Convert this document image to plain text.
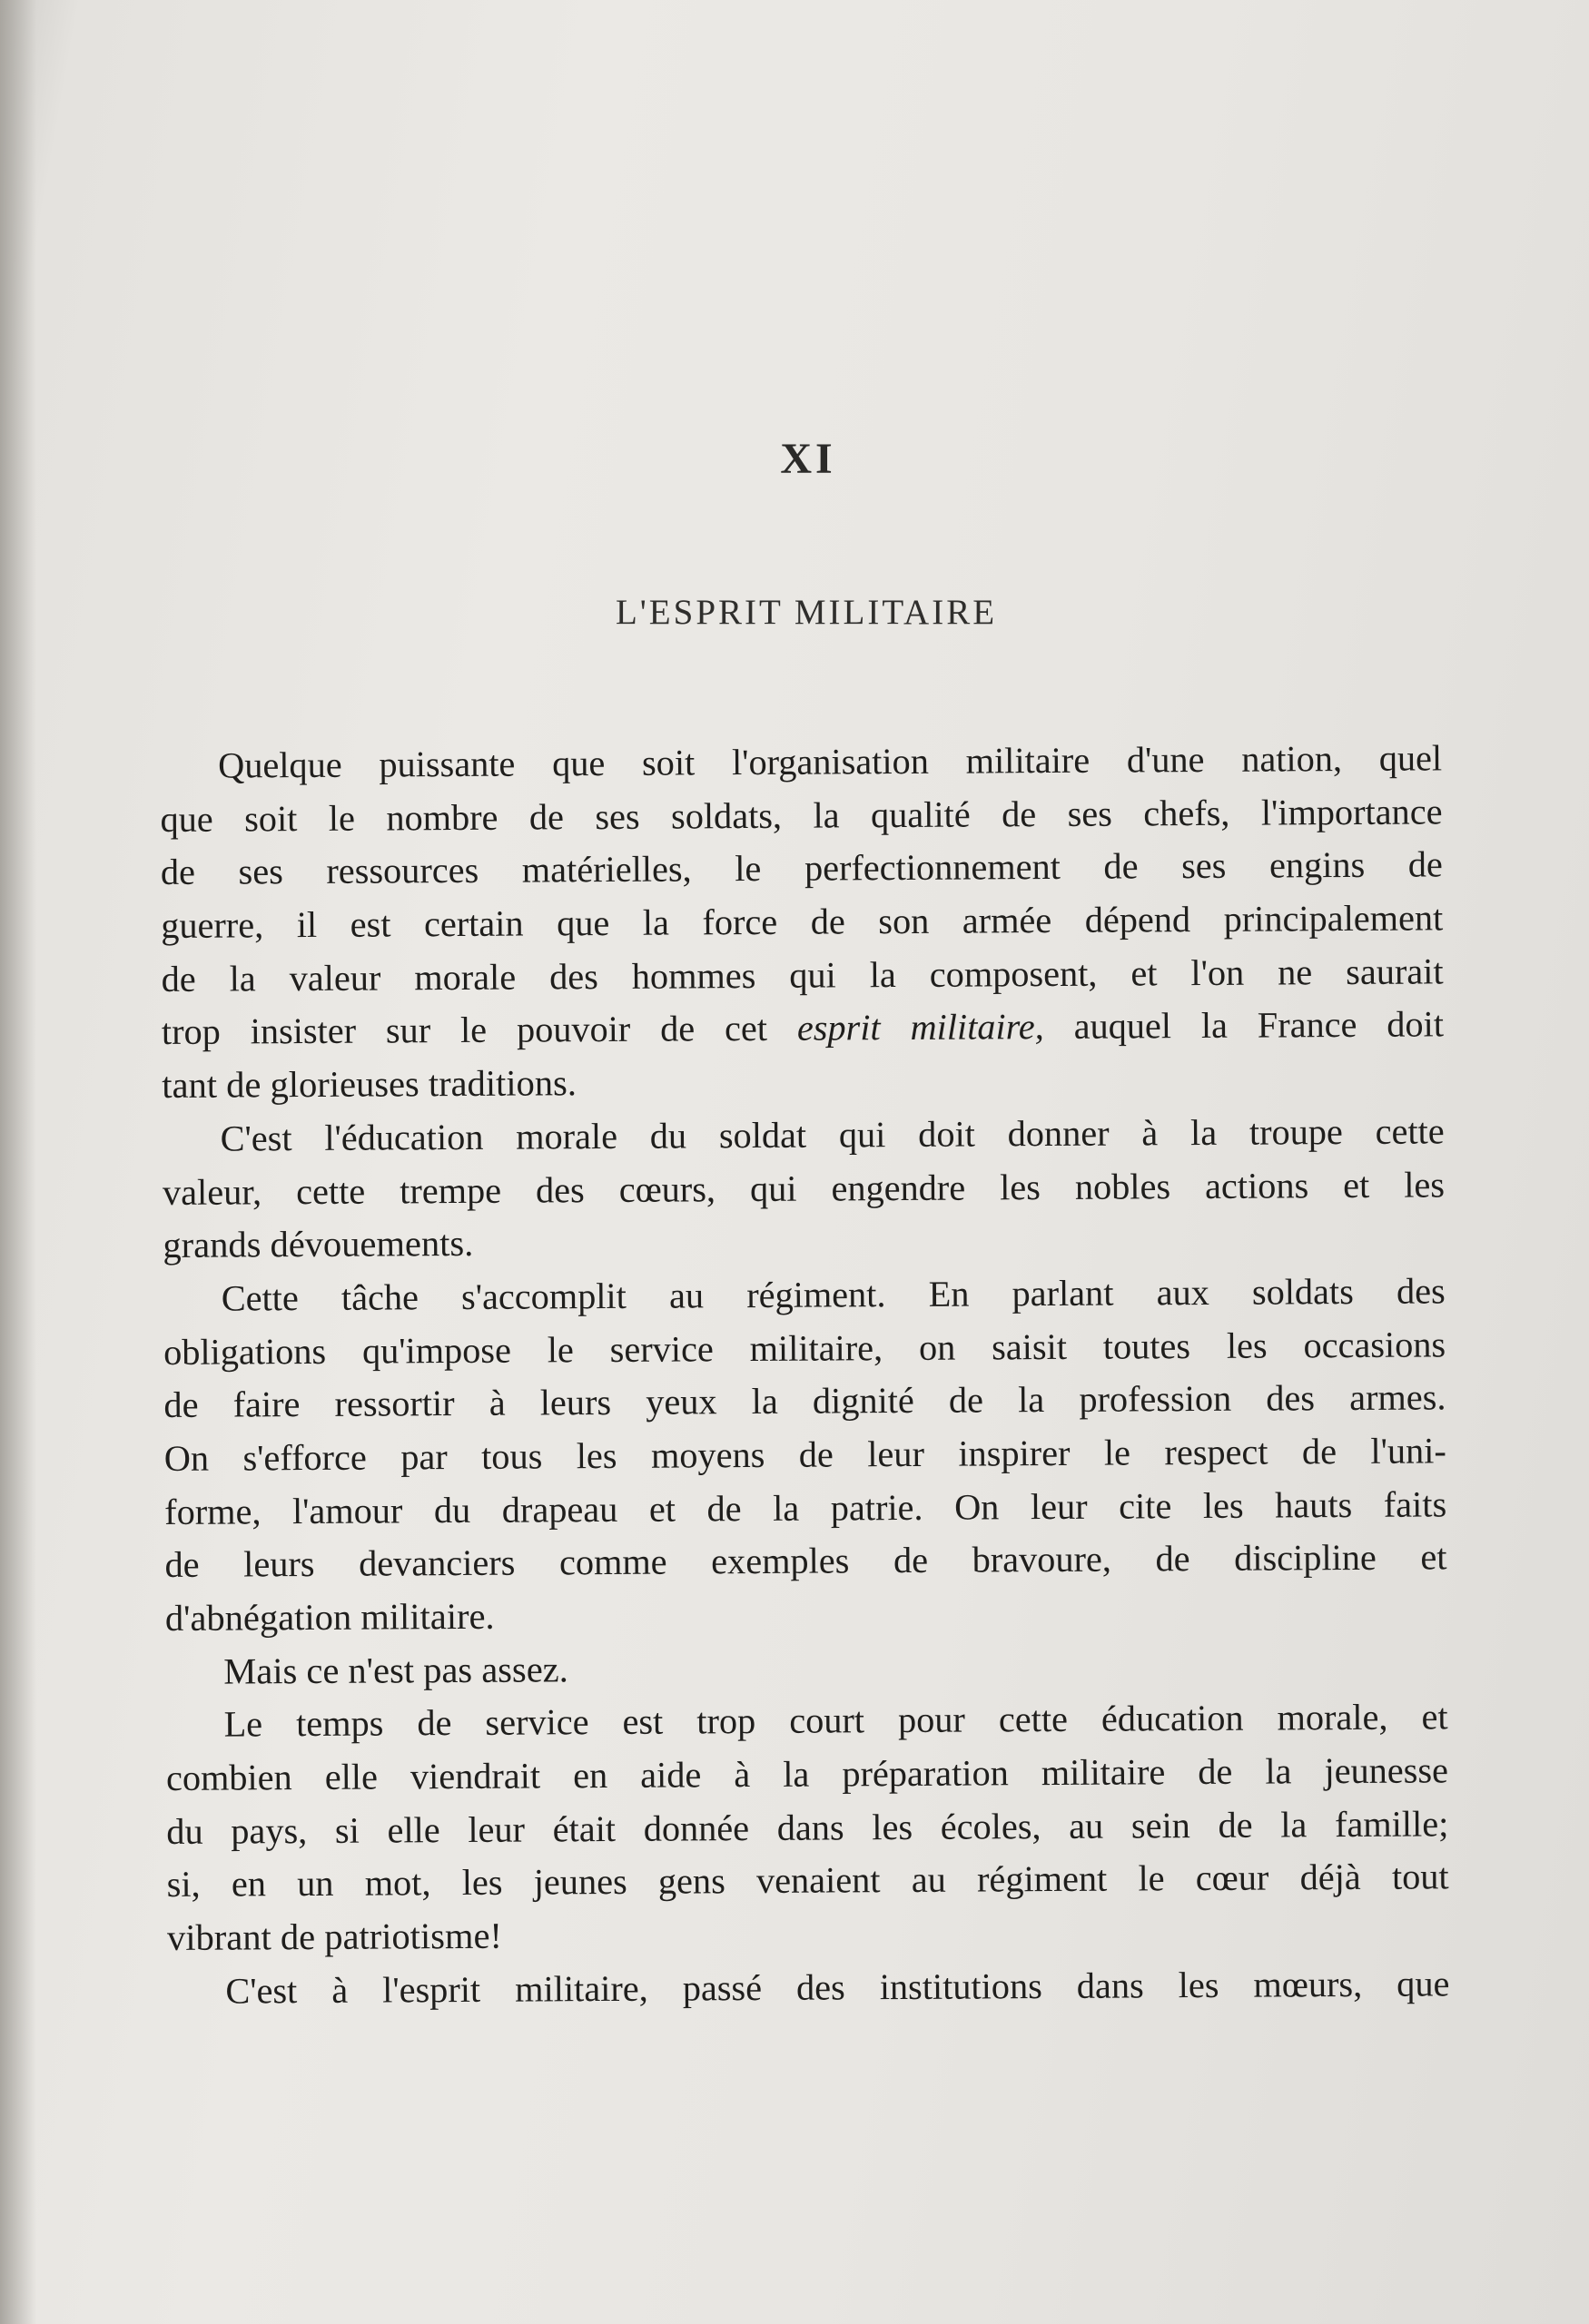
XI
L'ESPRIT MILITAIRE
Quelque puissante que soit l'organisation militaire d'une nation, quel
que soit le nombre de ses soldats, la qualité de ses chefs, l'importance
de ses ressources matérielles, le perfectionnement de ses engins de
guerre, il est certain que la force de son armée dépend principalement
de la valeur morale des hommes qui la composent, et l'on ne saurait
trop insister sur le pouvoir de cet esprit militaire, auquel la France doit
tant de glorieuses traditions.
C'est l'éducation morale du soldat qui doit donner à la troupe cette
valeur, cette trempe des cœurs, qui engendre les nobles actions et les
grands dévouements.
Cette tâche s'accomplit au régiment. En parlant aux soldats des
obligations qu'impose le service militaire, on saisit toutes les occasions
de faire ressortir à leurs yeux la dignité de la profession des armes.
On s'efforce par tous les moyens de leur inspirer le respect de l'uni-
forme, l'amour du drapeau et de la patrie. On leur cite les hauts faits
de leurs devanciers comme exemples de bravoure, de discipline et
d'abnégation militaire.
Mais ce n'est pas assez.
Le temps de service est trop court pour cette éducation morale, et
combien elle viendrait en aide à la préparation militaire de la jeunesse
du pays, si elle leur était donnée dans les écoles, au sein de la famille;
si, en un mot, les jeunes gens venaient au régiment le cœur déjà tout
vibrant de patriotisme!
C'est à l'esprit militaire, passé des institutions dans les mœurs, que
